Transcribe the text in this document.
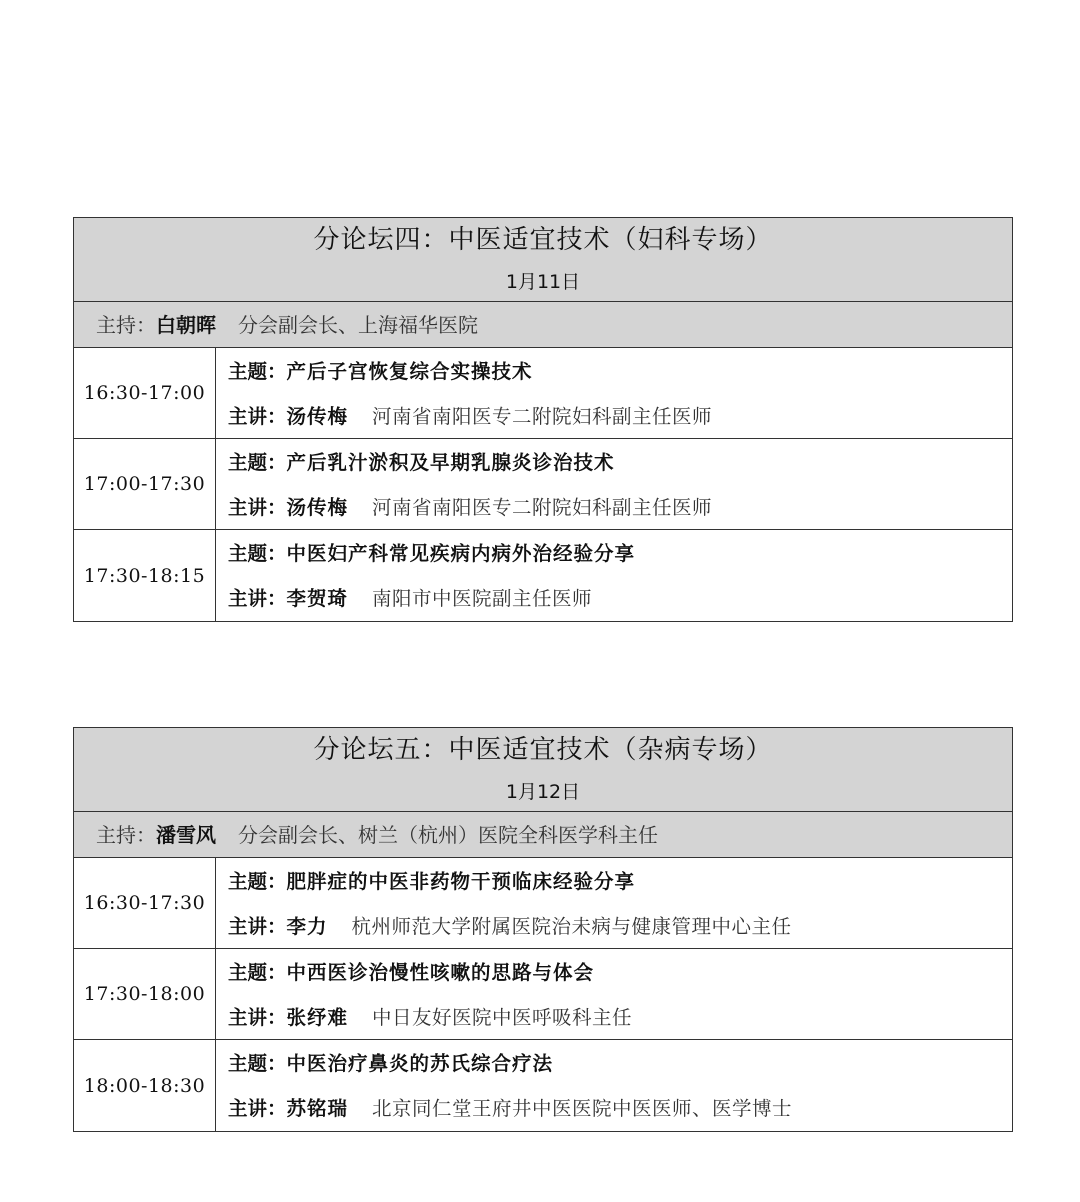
分论坛四：中医适宜技术（妇科专场）
1月11日
主持：白朝晖 分会副会长、上海福华医院
16:30-17:00
主题：产后子宫恢复综合实操技术
主讲：汤传梅 河南省南阳医专二附院妇科副主任医师
17:00-17:30
主题：产后乳汁淤积及早期乳腺炎诊治技术
主讲：汤传梅 河南省南阳医专二附院妇科副主任医师
17:30-18:15
主题：中医妇产科常见疾病内病外治经验分享
主讲：李贺琦 南阳市中医院副主任医师
分论坛五：中医适宜技术（杂病专场）
1月12日
主持：潘雪风 分会副会长、树兰（杭州）医院全科医学科主任
16:30-17:30
主题：肥胖症的中医非药物干预临床经验分享
主讲：李力 杭州师范大学附属医院治未病与健康管理中心主任
17:30-18:00
主题：中西医诊治慢性咳嗽的思路与体会
主讲：张纾难 中日友好医院中医呼吸科主任
18:00-18:30
主题：中医治疗鼻炎的苏氏综合疗法
主讲：苏铭瑞 北京同仁堂王府井中医医院中医医师、医学博士
